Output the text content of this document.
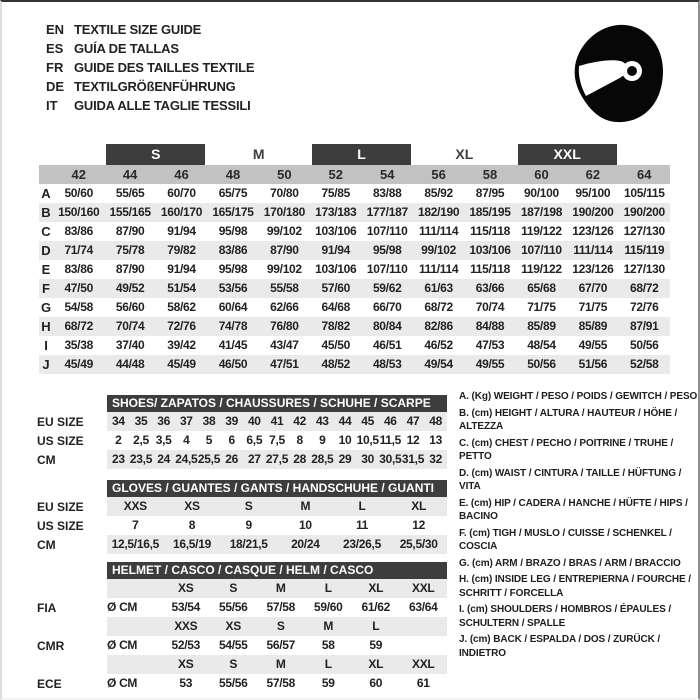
EN TEXTILE SIZE GUIDE
ES GUÍA DE TALLAS
FR GUIDE DES TAILLES TEXTILE
DE TEXTILGRÖßENFÜHRUNG
IT	GUIDA ALLE TAGLIE TESSILI
S	M	L	XL	XXL
42	44	46	48	50	52	54	56	58	60	62	64
A	50/60	55/65	60/70	65/75	70/80	75/85	83/88	85/92	87/95	90/100	95/100	105/115
B 150/160 155/165 160/170 165/175 170/180 173/183 177/187 182/190 185/195 187/198 190/200 190/200
C	83/86	87/90	91/94	95/98	99/102	103/106 107/110 111/114 115/118 119/122 123/126 127/130
D	71/74	75/78	79/82	83/86	87/90	91/94	95/98	99/102	103/106 107/110 111/114 115/119
E	83/86	87/90	91/94	95/98	99/102	103/106 107/110 111/114 115/118 119/122 123/126 127/130
F	47/50	49/52	51/54	53/56	55/58	57/60	59/62	61/63	63/66	65/68	67/70	68/72
G	54/58	56/60	58/62	60/64	62/66	64/68	66/70	68/72	70/74	71/75	71/75	72/76
H	68/72	70/74	72/76	74/78	76/80	78/82	80/84	82/86	84/88	85/89	85/89	87/91
I	35/38	37/40	39/42	41/45	43/47	45/50	46/51	46/52	47/53	48/54	49/55	50/56
J	45/49	44/48	45/49	46/50	47/51	48/52	48/53	49/54	49/55	50/56	51/56	52/58
SHOES/ ZAPATOS / CHAUSSURES / SCHUHE / SCARPE
EU SIZE	34 35 36 37 38 39 40 41 42 43 44 45 46 47 48
US SIZE	2 2,5 3,5 4	5	6 6,5 7,5 8	9	10 10,5 11,5 12 13
CM	23 23,5 24 24,5 25,5 26 27 27,5 28 28,5 29 30 30,5 31,5 32
GLOVES / GUANTES / GANTS / HANDSCHUHE / GUANTI
EU SIZE	XXS	XS	S	M	L	XL
US SIZE	7	8	9	10	11	12
CM	12,5/16,5	16,5/19	18/21,5	20/24	23/26,5	25,5/30
HELMET / CASCO / CASQUE / HELM / CASCO
XS	S	M	L	XL	XXL
FIA	Ø CM	53/54	55/56	57/58	59/60	61/62	63/64
XXS	XS	S	M	L
CMR	Ø CM	52/53	54/55	56/57	58	59
XS	S	M	L	XL	XXL
ECE	Ø CM	53	55/56	57/58	59	60	61
A. (Kg) WEIGHT / PESO / POIDS / GEWITCH / PESO
B. (cm) HEIGHT / ALTURA / HAUTEUR / HÖHE / ALTEZZA
C. (cm) CHEST / PECHO / POITRINE / TRUHE / PETTO
D. (cm) WAIST / CINTURA / TAILLE / HÜFTUNG / VITA
E. (cm) HIP / CADERA / HANCHE / HÜFTE / HIPS / BACINO
F. (cm) TIGH / MUSLO / CUISSE / SCHENKEL / COSCIA
G. (cm) ARM / BRAZO / BRAS / ARM / BRACCIO
H. (cm) INSIDE LEG / ENTREPIERNA / FOURCHE / SCHRITT / FORCELLA
I. (cm) SHOULDERS / HOMBROS / ÉPAULES / SCHULTERN / SPALLE
J. (cm) BACK / ESPALDA / DOS / ZURÜCK / INDIETRO
